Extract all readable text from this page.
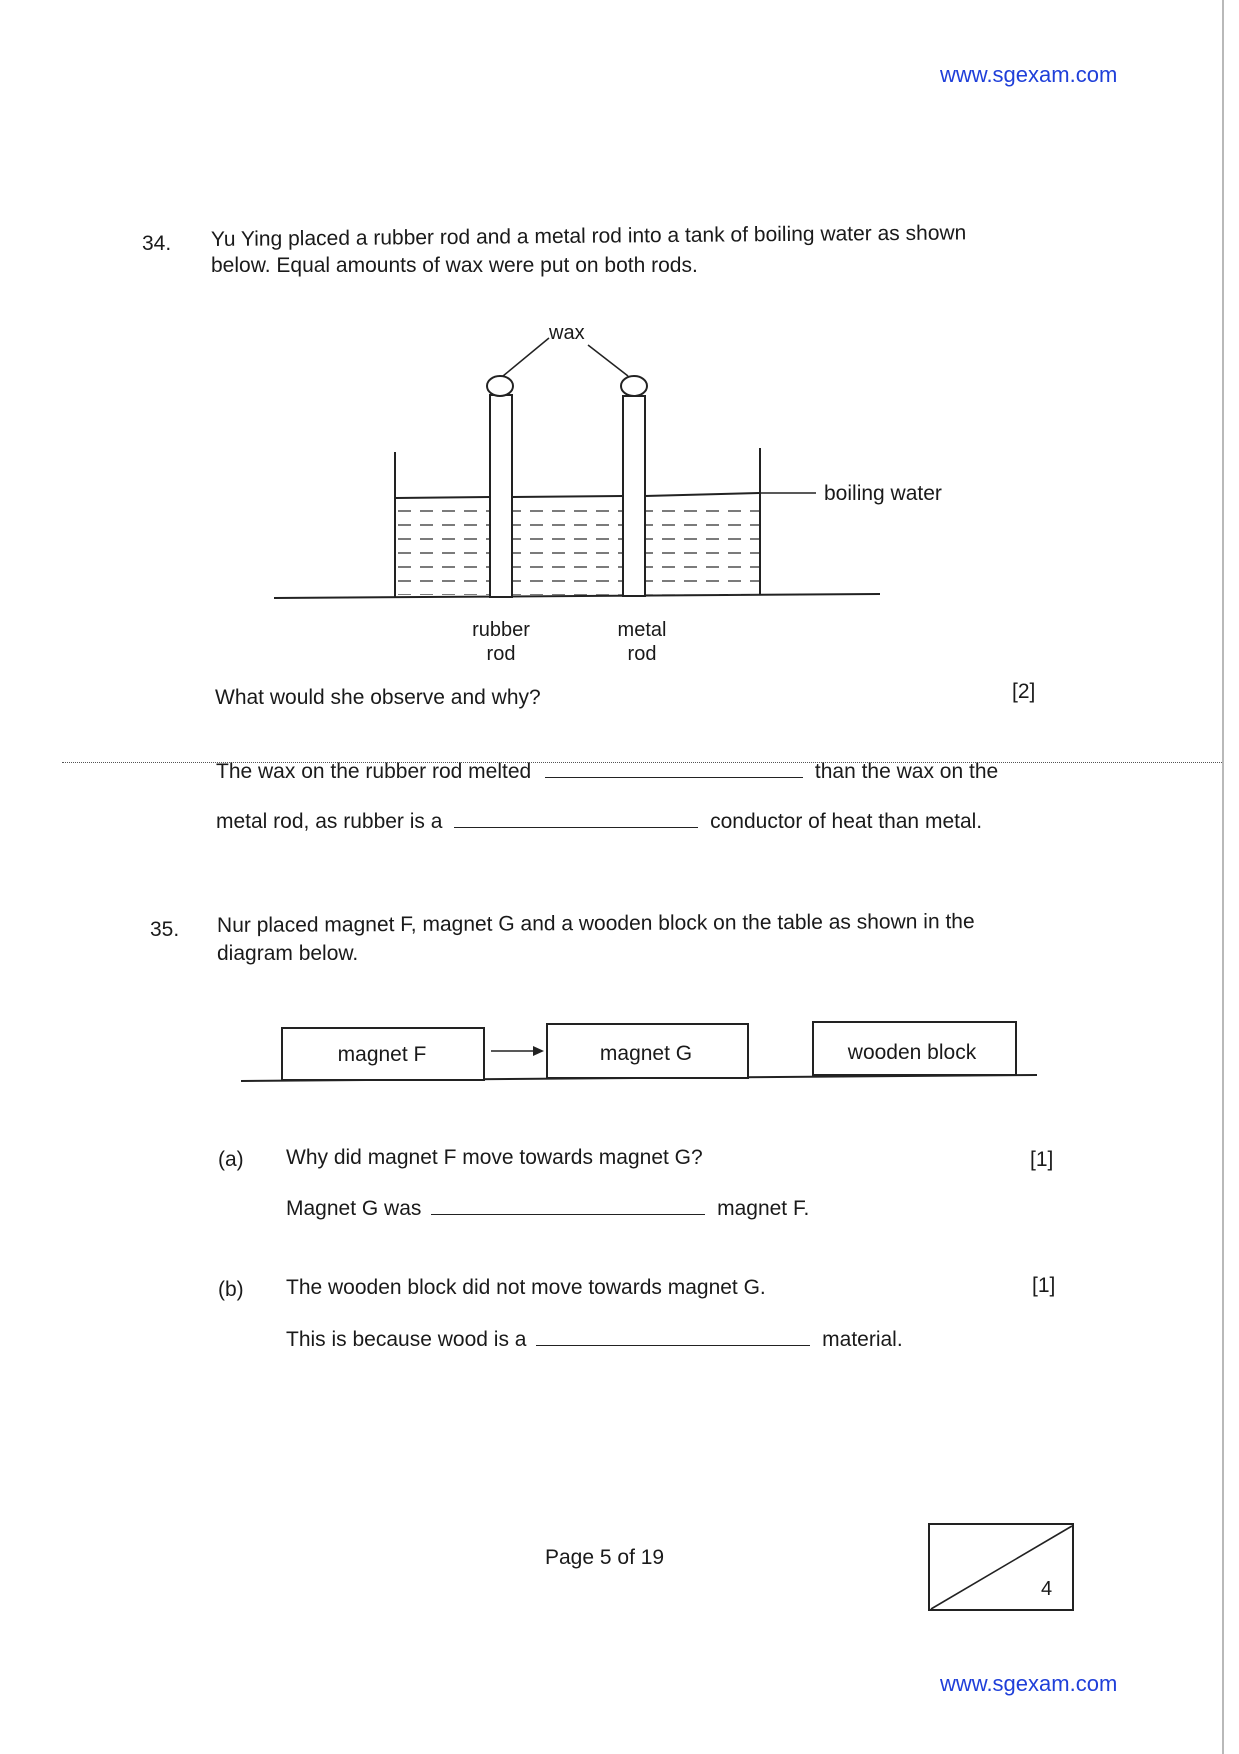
www.sgexam.com
34. Yu Ying placed a rubber rod and a metal rod into a tank of boiling water as shown
below. Equal amounts of wax were put on both rods.
wax
boiling water
rubber
rod
metal
rod
What would she observe and why?	[2]
The wax on the rubber rod melted	than the wax on the
metal rod, as rubber is a	conductor of heat than metal.
35. Nur placed magnet F, magnet G and a wooden block on the table as shown in the
diagram below.
magnet F	magnet G	wooden block
(a) Why did magnet F move towards magnet G?	[1]
Magnet G was	magnet F.
(b) The wooden block did not move towards magnet G.	[1]
This is because wood is a	material.
Page 5 of 19
4
www.sgexam.com
